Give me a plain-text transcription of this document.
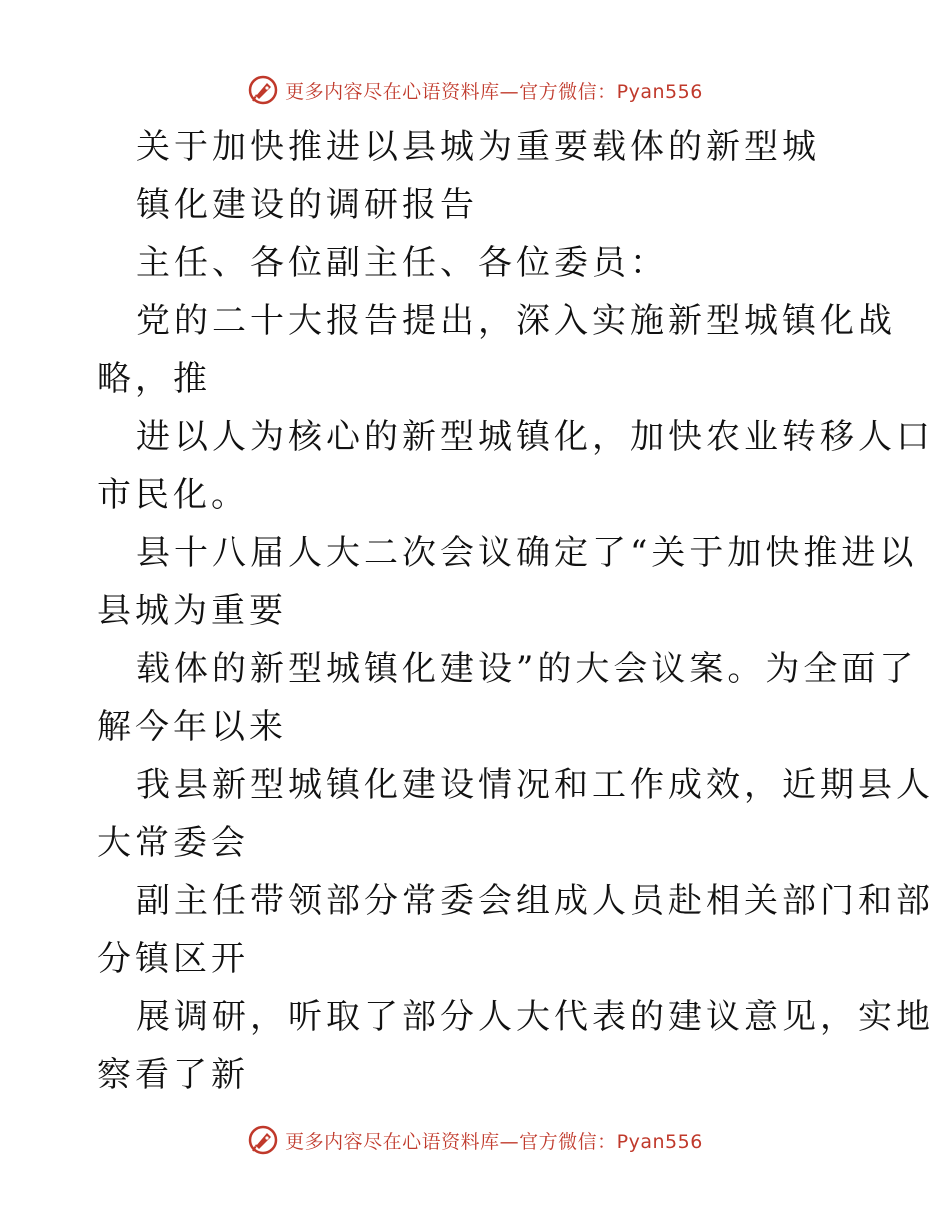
更多内容尽在心语资料库—官方微信：Pyan556
关于加快推进以县城为重要载体的新型城
镇化建设的调研报告
主任、各位副主任、各位委员：
党的二十大报告提出，深入实施新型城镇化战
略，推
进以人为核心的新型城镇化，加快农业转移人口
市民化。
县十八届人大二次会议确定了“关于加快推进以
县城为重要
载体的新型城镇化建设”的大会议案。为全面了
解今年以来
我县新型城镇化建设情况和工作成效，近期县人
大常委会
副主任带领部分常委会组成人员赴相关部门和部
分镇区开
展调研，听取了部分人大代表的建议意见，实地
察看了新
更多内容尽在心语资料库—官方微信：Pyan556
